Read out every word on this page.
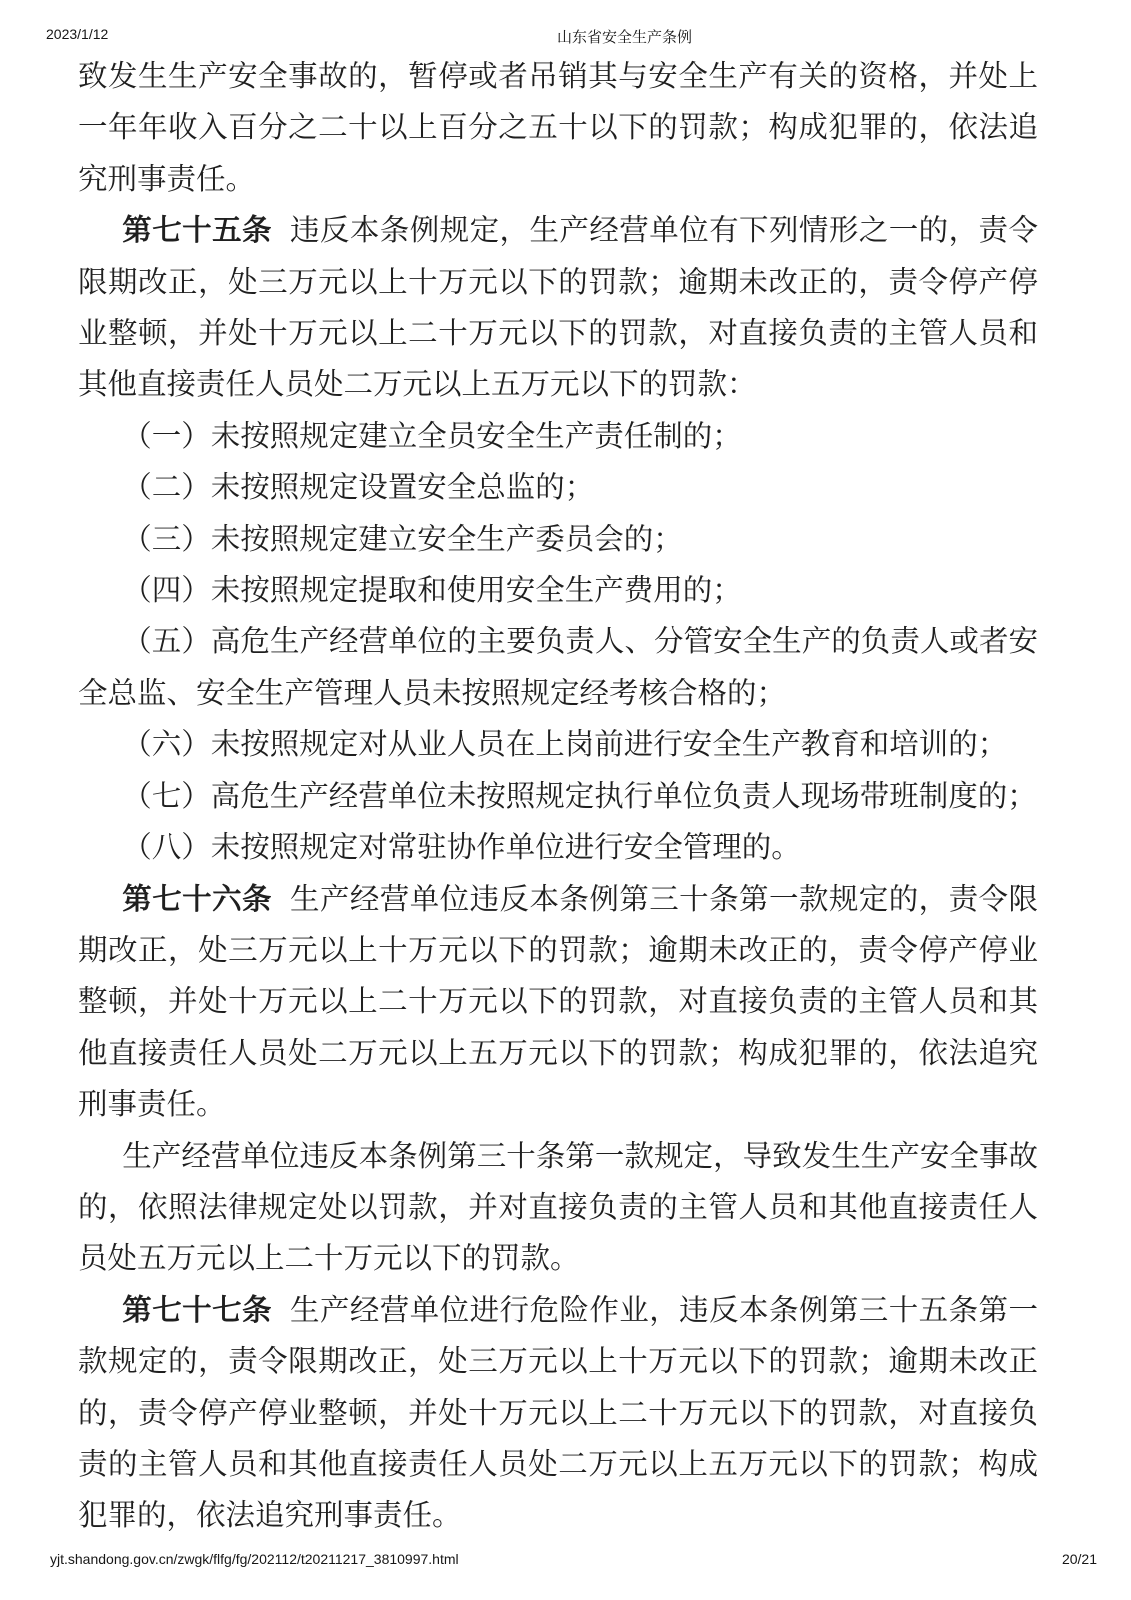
2023/1/12	山东省安全生产条例

致发生生产安全事故的，暂停或者吊销其与安全生产有关的资格，并处上一年年收入百分之二十以上百分之五十以下的罚款；构成犯罪的，依法追究刑事责任。

第七十五条 违反本条例规定，生产经营单位有下列情形之一的，责令限期改正，处三万元以上十万元以下的罚款；逾期未改正的，责令停产停业整顿，并处十万元以上二十万元以下的罚款，对直接负责的主管人员和其他直接责任人员处二万元以上五万元以下的罚款：

（一）未按照规定建立全员安全生产责任制的；

（二）未按照规定设置安全总监的；

（三）未按照规定建立安全生产委员会的；

（四）未按照规定提取和使用安全生产费用的；

（五）高危生产经营单位的主要负责人、分管安全生产的负责人或者安全总监、安全生产管理人员未按照规定经考核合格的；

（六）未按照规定对从业人员在上岗前进行安全生产教育和培训的；

（七）高危生产经营单位未按照规定执行单位负责人现场带班制度的；

（八）未按照规定对常驻协作单位进行安全管理的。

第七十六条 生产经营单位违反本条例第三十条第一款规定的，责令限期改正，处三万元以上十万元以下的罚款；逾期未改正的，责令停产停业整顿，并处十万元以上二十万元以下的罚款，对直接负责的主管人员和其他直接责任人员处二万元以上五万元以下的罚款；构成犯罪的，依法追究刑事责任。

生产经营单位违反本条例第三十条第一款规定，导致发生生产安全事故的，依照法律规定处以罚款，并对直接负责的主管人员和其他直接责任人员处五万元以上二十万元以下的罚款。

第七十七条 生产经营单位进行危险作业，违反本条例第三十五条第一款规定的，责令限期改正，处三万元以上十万元以下的罚款；逾期未改正的，责令停产停业整顿，并处十万元以上二十万元以下的罚款，对直接负责的主管人员和其他直接责任人员处二万元以上五万元以下的罚款；构成犯罪的，依法追究刑事责任。

yjt.shandong.gov.cn/zwgk/flfg/fg/202112/t20211217_3810997.html	20/21
